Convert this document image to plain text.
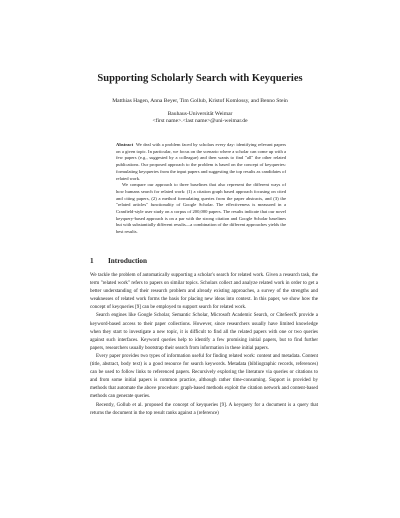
Supporting Scholarly Search with Keyqueries
Matthias Hagen, Anna Beyer, Tim Gollub, Kristof Komlossy, and Benno Stein
Bauhaus-Universität Weimar
<first name>.<last name>@uni-weimar.de

Abstract We deal with a problem faced by scholars every day: identifying relevant papers on a given topic. In particular, we focus on the scenario where a scholar can come up with a few papers (e.g., suggested by a colleague) and then wants to find "all" the other related publications. Our proposed approach to the problem is based on the concept of keyqueries: formulating keyqueries from the input papers and suggesting the top results as candidates of related work.

We compare our approach to three baselines that also represent the different ways of how humans search for related work: (1) a citation graph based approach focusing on cited and citing papers, (2) a method formulating queries from the paper abstracts, and (3) the "related articles" functionality of Google Scholar. The effectiveness is measured in a Cranfield-style user study on a corpus of 200,000 papers. The results indicate that our novel keyquery-based approach is on a par with the strong citation and Google Scholar baselines but with substantially different results—a combination of the different approaches yields the best results.

1 Introduction

We tackle the problem of automatically supporting a scholar's search for related work. Given a research task, the term "related work" refers to papers on similar topics. Scholars collect and analyze related work in order to get a better understanding of their research problem and already existing approaches, a survey of the strengths and weaknesses of related work forms the basis for placing new ideas into context. In this paper, we show how the concept of keyqueries [9] can be employed to support search for related work.

Search engines like Google Scholar, Semantic Scholar, Microsoft Academic Search, or CiteSeerX provide a keyword-based access to their paper collections. However, since researchers usually have limited knowledge when they start to investigate a new topic, it is difficult to find all the related papers with one or two queries against such interfaces. Keyword queries help to identify a few promising initial papers, but to find further papers, researchers usually bootstrap their search from information in these initial papers.

Every paper provides two types of information useful for finding related work: content and metadata. Content (title, abstract, body text) is a good resource for search keywords. Metadata (bibliographic records, references) can be used to follow links to referenced papers. Recursively exploring the literature via queries or citations to and from some initial papers is common practice, although rather time-consuming. Support is provided by methods that automate the above procedure: graph-based methods exploit the citation network and content-based methods can generate queries.

Recently, Gollub et al. proposed the concept of keyqueries [9]. A keyquery for a document is a query that returns the document in the top result ranks against a (reference)
